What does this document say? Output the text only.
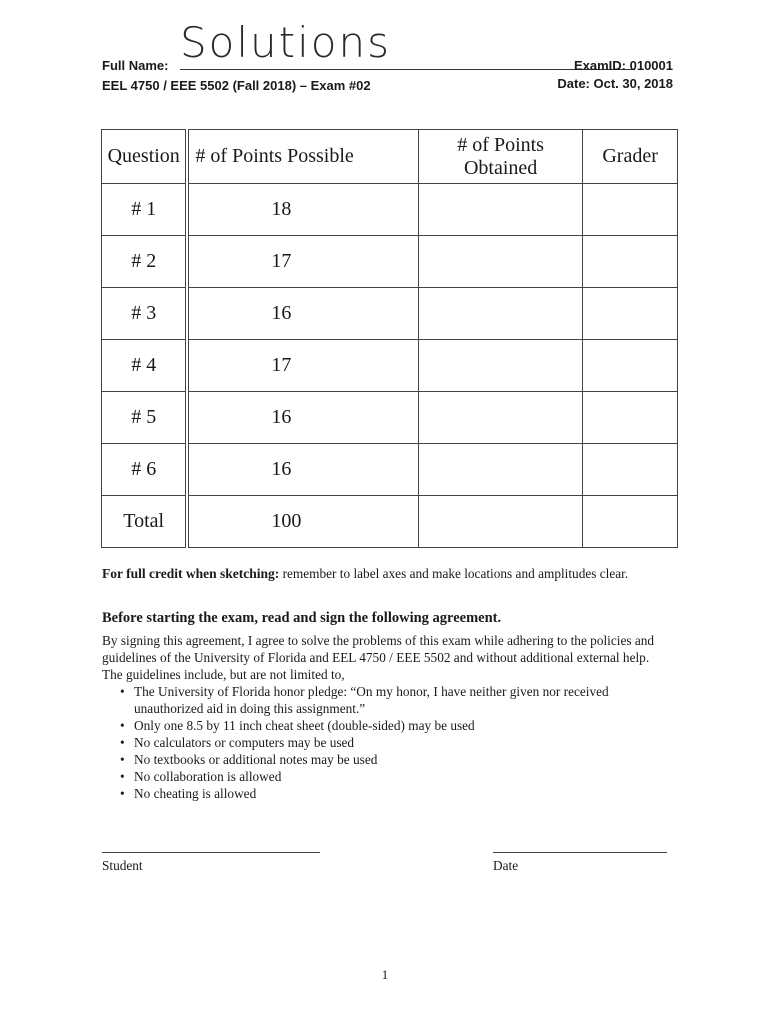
Full Name: Solutions
EEL 4750 / EEE 5502 (Fall 2018) – Exam #02
ExamID: 010001
Date: Oct. 30, 2018
Question	# of Points Possible	# of Points Obtained	Grader
# 1	18		
# 2	17		
# 3	16		
# 4	17		
# 5	16		
# 6	16		
Total	100		
For full credit when sketching: remember to label axes and make locations and amplitudes clear.
Before starting the exam, read and sign the following agreement.
By signing this agreement, I agree to solve the problems of this exam while adhering to the policies and guidelines of the University of Florida and EEL 4750 / EEE 5502 and without additional external help. The guidelines include, but are not limited to,
• The University of Florida honor pledge: “On my honor, I have neither given nor received unauthorized aid in doing this assignment.”
• Only one 8.5 by 11 inch cheat sheet (double-sided) may be used
• No calculators or computers may be used
• No textbooks or additional notes may be used
• No collaboration is allowed
• No cheating is allowed
Student	Date
1
